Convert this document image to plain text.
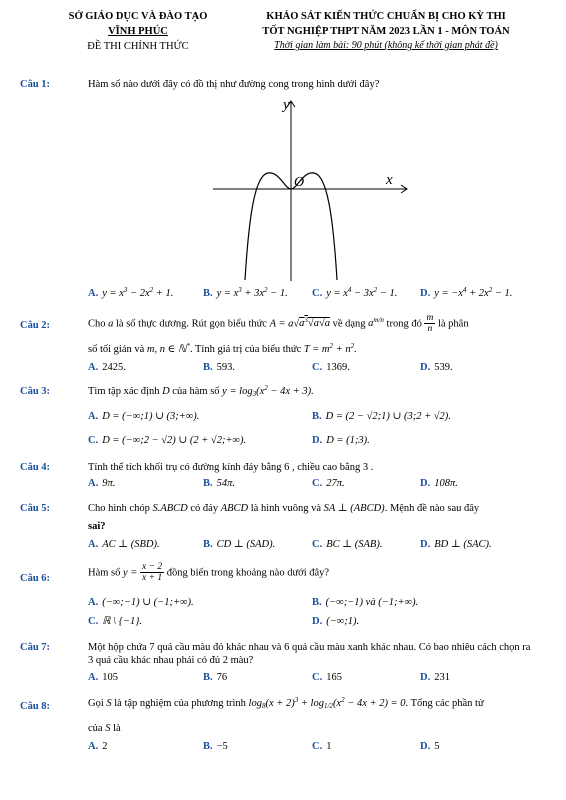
SỞ GIÁO DỤC VÀ ĐÀO TẠO
VĨNH PHÚC
ĐỀ THI CHÍNH THỨC
KHẢO SÁT KIẾN THỨC CHUẨN BỊ CHO KỲ THI
TỐT NGHIỆP THPT NĂM 2023 LẦN 1 - MÔN TOÁN
Thời gian làm bài: 90 phút (không kể thời gian phát đề)
Câu 1:	Hàm số nào dưới đây có đồ thị như đường cong trong hình dưới đây?
y
x
O
A. $y = x^3 - 2x^2 + 1$.	B. $y = x^3 + 3x^2 - 1$. C. $y = x^4 - 3x^2 - 1$. D. $y = -x^4 + 2x^2 - 1$.
Câu 2:	Cho a là số thực dương. Rút gọn biểu thức $A = a√a^3√a√a$ về dạng $a^{m/n}$ trong đó $\frac{m}{n}$ là phân
số tối giản và m, n ∈ ℕ*. Tính giá trị của biểu thức $T = m^2 + n^2$.
A. 2425.	B. 593.	C. 1369.	D. 539.
Câu 3:	Tìm tập xác định D của hàm số $y = \log_3(x^2 - 4x + 3)$.
A. D = (−∞;1) ∪ (3;+∞).	B. D = (2 − √2;1) ∪ (3;2 + √2).
C. D = (−∞;2 − √2) ∪ (2 + √2;+∞).	D. D = (1;3).
Câu 4:	Tính thể tích khối trụ có đường kính đáy bằng 6 , chiều cao bằng 3 .
A. 9π.	B. 54π.	C. 27π.	D. 108π.
Câu 5:	Cho hình chóp S.ABCD có đáy ABCD là hình vuông và SA ⊥ (ABCD). Mệnh đề nào sau đây
sai?
A. AC ⊥ (SBD).	B. CD ⊥ (SAD).	C. BC ⊥ (SAB).	D. BD ⊥ (SAC).
Câu 6:
Hàm số $y = \frac{x - 2}{x + 1}$ đồng biến trong khoảng nào dưới đây?
A. (−∞;−1) ∪ (−1;+∞).	B. (−∞;−1) và (−1;+∞).
C. ℝ \ {−1}.	D. (−∞;1).
Câu 7:	Một hộp chứa 7 quả cầu màu đỏ khác nhau và 6 quả cầu màu xanh khác nhau. Có bao nhiêu cách chọn ra 3 quả cầu khác nhau phải có đủ 2 màu?
A. 105	B. 76	C. 165	D. 231
Câu 8:	Gọi S là tập nghiệm của phương trình $\log_8(x + 2)^3 + \log_{1/2}(x^2 - 4x + 2) = 0$. Tổng các phần tử
của S là
A. 2	B. −5	C. 1	D. 5
